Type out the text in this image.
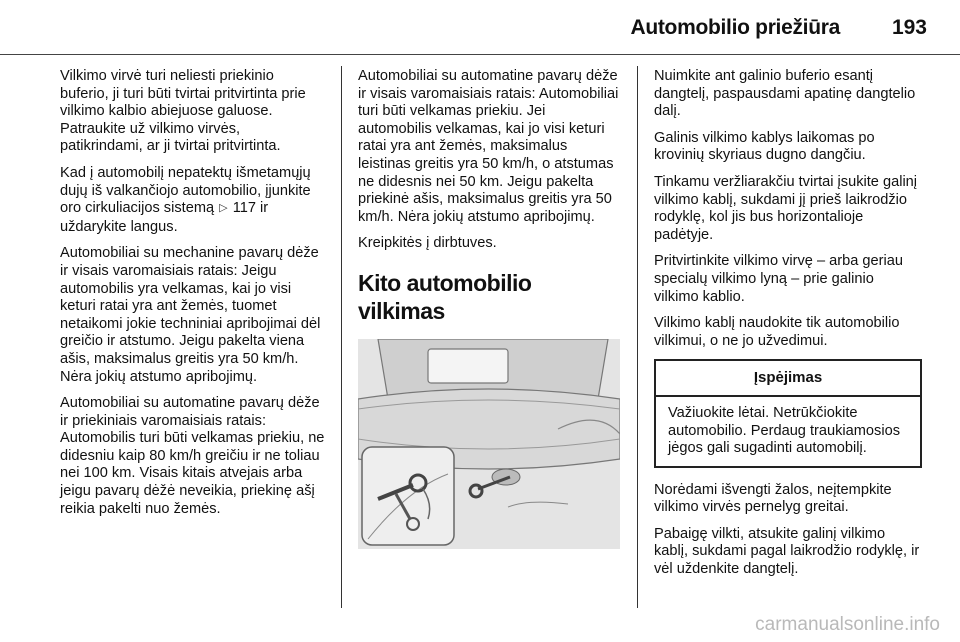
Automobilio priežiūra	193

Vilkimo virvė turi neliesti priekinio buferio, ji turi būti tvirtai pritvirtinta prie vilkimo kalbio abiejuose galuose. Patraukite už vilkimo virvės, patikrindami, ar ji tvirtai pritvirtinta.

Kad į automobilį nepatektų išmetamųjų dujų iš valkančiojo automobilio, įjunkite oro cirkuliacijos sistemą ▷ 117 ir uždarykite langus.

Automobiliai su mechanine pavarų dėže ir visais varomaisiais ratais: Jeigu automobilis yra velkamas, kai jo visi keturi ratai yra ant žemės, tuomet netaikomi jokie techniniai apribojimai dėl greičio ir atstumo. Jeigu pakelta viena ašis, maksimalus greitis yra 50 km/h. Nėra jokių atstumo apribojimų.

Automobiliai su automatine pavarų dėže ir priekiniais varomaisiais ratais: Automobilis turi būti velkamas priekiu, ne didesniu kaip 80 km/h greičiu ir ne toliau nei 100 km. Visais kitais atvejais arba jeigu pavarų dėžė neveikia, priekinę ašį reikia pakelti nuo žemės.

Automobiliai su automatine pavarų dėže ir visais varomaisiais ratais: Automobiliai turi būti velkamas priekiu. Jei automobilis velkamas, kai jo visi keturi ratai yra ant žemės, maksimalus leistinas greitis yra 50 km/h, o atstumas ne didesnis nei 50 km. Jeigu pakelta priekinė ašis, maksimalus greitis yra 50 km/h. Nėra jokių atstumo apribojimų.

Kreipkitės į dirbtuves.

Kito automobilio vilkimas

Nuimkite ant galinio buferio esantį dangtelį, paspausdami apatinę dangtelio dalį.

Galinis vilkimo kablys laikomas po krovinių skyriaus dugno dangčiu.

Tinkamu veržliarakčiu tvirtai įsukite galinį vilkimo kablį, sukdami jį prieš laikrodžio rodyklę, kol jis bus horizontalioje padėtyje.

Pritvirtinkite vilkimo virvę – arba geriau specialų vilkimo lyną – prie galinio vilkimo kablio.

Vilkimo kablį naudokite tik automobilio vilkimui, o ne jo užvedimui.

Įspėjimas
Važiuokite lėtai. Netrūkčiokite automobilio. Perdaug traukiamosios jėgos gali sugadinti automobilį.

Norėdami išvengti žalos, neįtempkite vilkimo virvės pernelyg greitai.

Pabaigę vilkti, atsukite galinį vilkimo kablį, sukdami pagal laikrodžio rodyklę, ir vėl uždenkite dangtelį.

carmanualsonline.info
